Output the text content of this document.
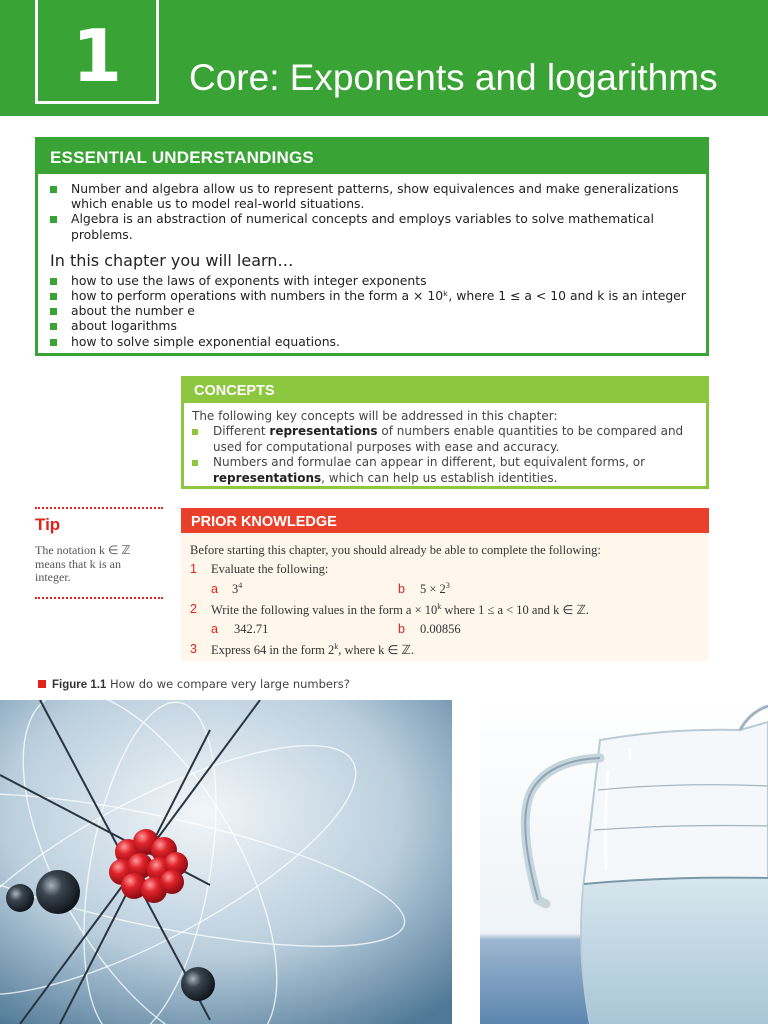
1	Core: Exponents and logarithms
ESSENTIAL UNDERSTANDINGS
Number and algebra allow us to represent patterns, show equivalences and make generalizations which enable us to model real-world situations.
Algebra is an abstraction of numerical concepts and employs variables to solve mathematical problems.
In this chapter you will learn…
how to use the laws of exponents with integer exponents
how to perform operations with numbers in the form a × 10ᵏ, where 1 ≤ a < 10 and k is an integer
about the number e
about logarithms
how to solve simple exponential equations.
CONCEPTS
The following key concepts will be addressed in this chapter:
Different representations of numbers enable quantities to be compared and used for computational purposes with ease and accuracy.
Numbers and formulae can appear in different, but equivalent forms, or representations, which can help us establish identities.
Tip
The notation k ∈ ℤ means that k is an integer.
PRIOR KNOWLEDGE
Before starting this chapter, you should already be able to complete the following:
1 Evaluate the following:
a $3^4$	b $5 \times 2^3$
2 Write the following values in the form $a \times 10^k$ where 1 ≤ a < 10 and k ∈ ℤ.
a 342.71	b 0.00856
3 Express 64 in the form 2$^k$, where k ∈ ℤ.
Figure 1.1 How do we compare very large numbers?
